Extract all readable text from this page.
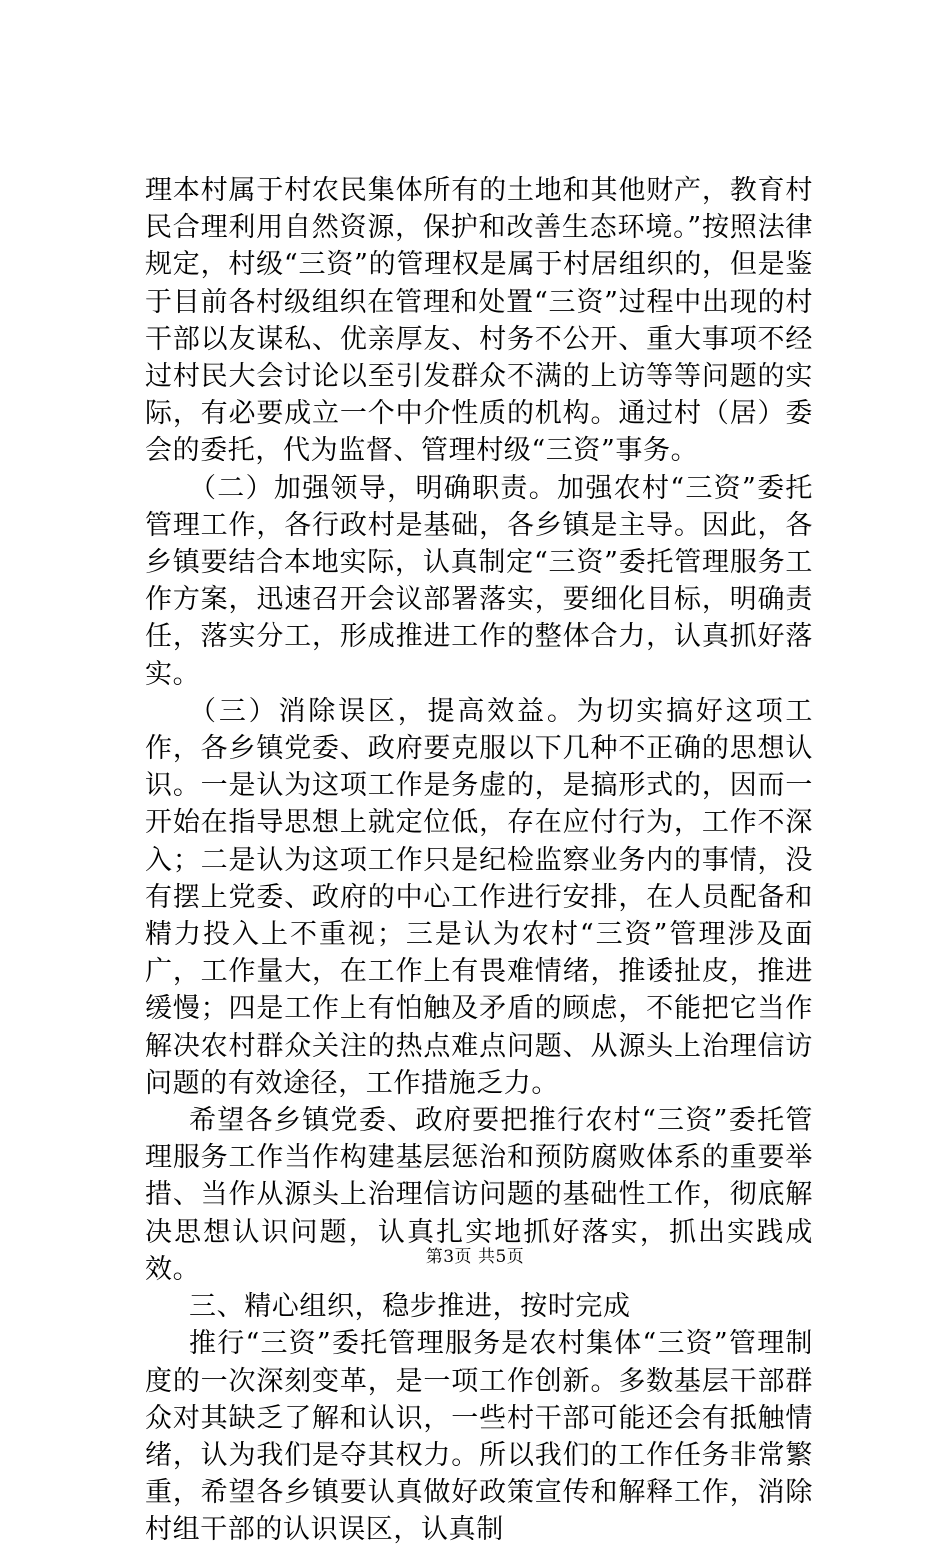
理本村属于村农民集体所有的土地和其他财产，教育村民合理利用自然资源，保护和改善生态环境。”按照法律规定，村级“三资”的管理权是属于村居组织的，但是鉴于目前各村级组织在管理和处置“三资”过程中出现的村干部以友谋私、优亲厚友、村务不公开、重大事项不经过村民大会讨论以至引发群众不满的上访等等问题的实际，有必要成立一个中介性质的机构。通过村（居）委会的委托，代为监督、管理村级“三资”事务。

（二）加强领导，明确职责。加强农村“三资”委托管理工作，各行政村是基础，各乡镇是主导。因此，各乡镇要结合本地实际，认真制定“三资”委托管理服务工作方案，迅速召开会议部署落实，要细化目标，明确责任，落实分工，形成推进工作的整体合力，认真抓好落实。

（三）消除误区，提高效益。为切实搞好这项工作，各乡镇党委、政府要克服以下几种不正确的思想认识。一是认为这项工作是务虚的，是搞形式的，因而一开始在指导思想上就定位低，存在应付行为，工作不深入；二是认为这项工作只是纪检监察业务内的事情，没有摆上党委、政府的中心工作进行安排，在人员配备和精力投入上不重视；三是认为农村“三资”管理涉及面广，工作量大，在工作上有畏难情绪，推诿扯皮，推进缓慢；四是工作上有怕触及矛盾的顾虑，不能把它当作解决农村群众关注的热点难点问题、从源头上治理信访问题的有效途径，工作措施乏力。

希望各乡镇党委、政府要把推行农村“三资”委托管理服务工作当作构建基层惩治和预防腐败体系的重要举措、当作从源头上治理信访问题的基础性工作，彻底解决思想认识问题，认真扎实地抓好落实，抓出实践成效。

三、精心组织，稳步推进，按时完成

推行“三资”委托管理服务是农村集体“三资”管理制度的一次深刻变革，是一项工作创新。多数基层干部群众对其缺乏了解和认识，一些村干部可能还会有抵触情绪，认为我们是夺其权力。所以我们的工作任务非常繁重，希望各乡镇要认真做好政策宣传和解释工作，消除村组干部的认识误区，认真制

第3页 共5页
